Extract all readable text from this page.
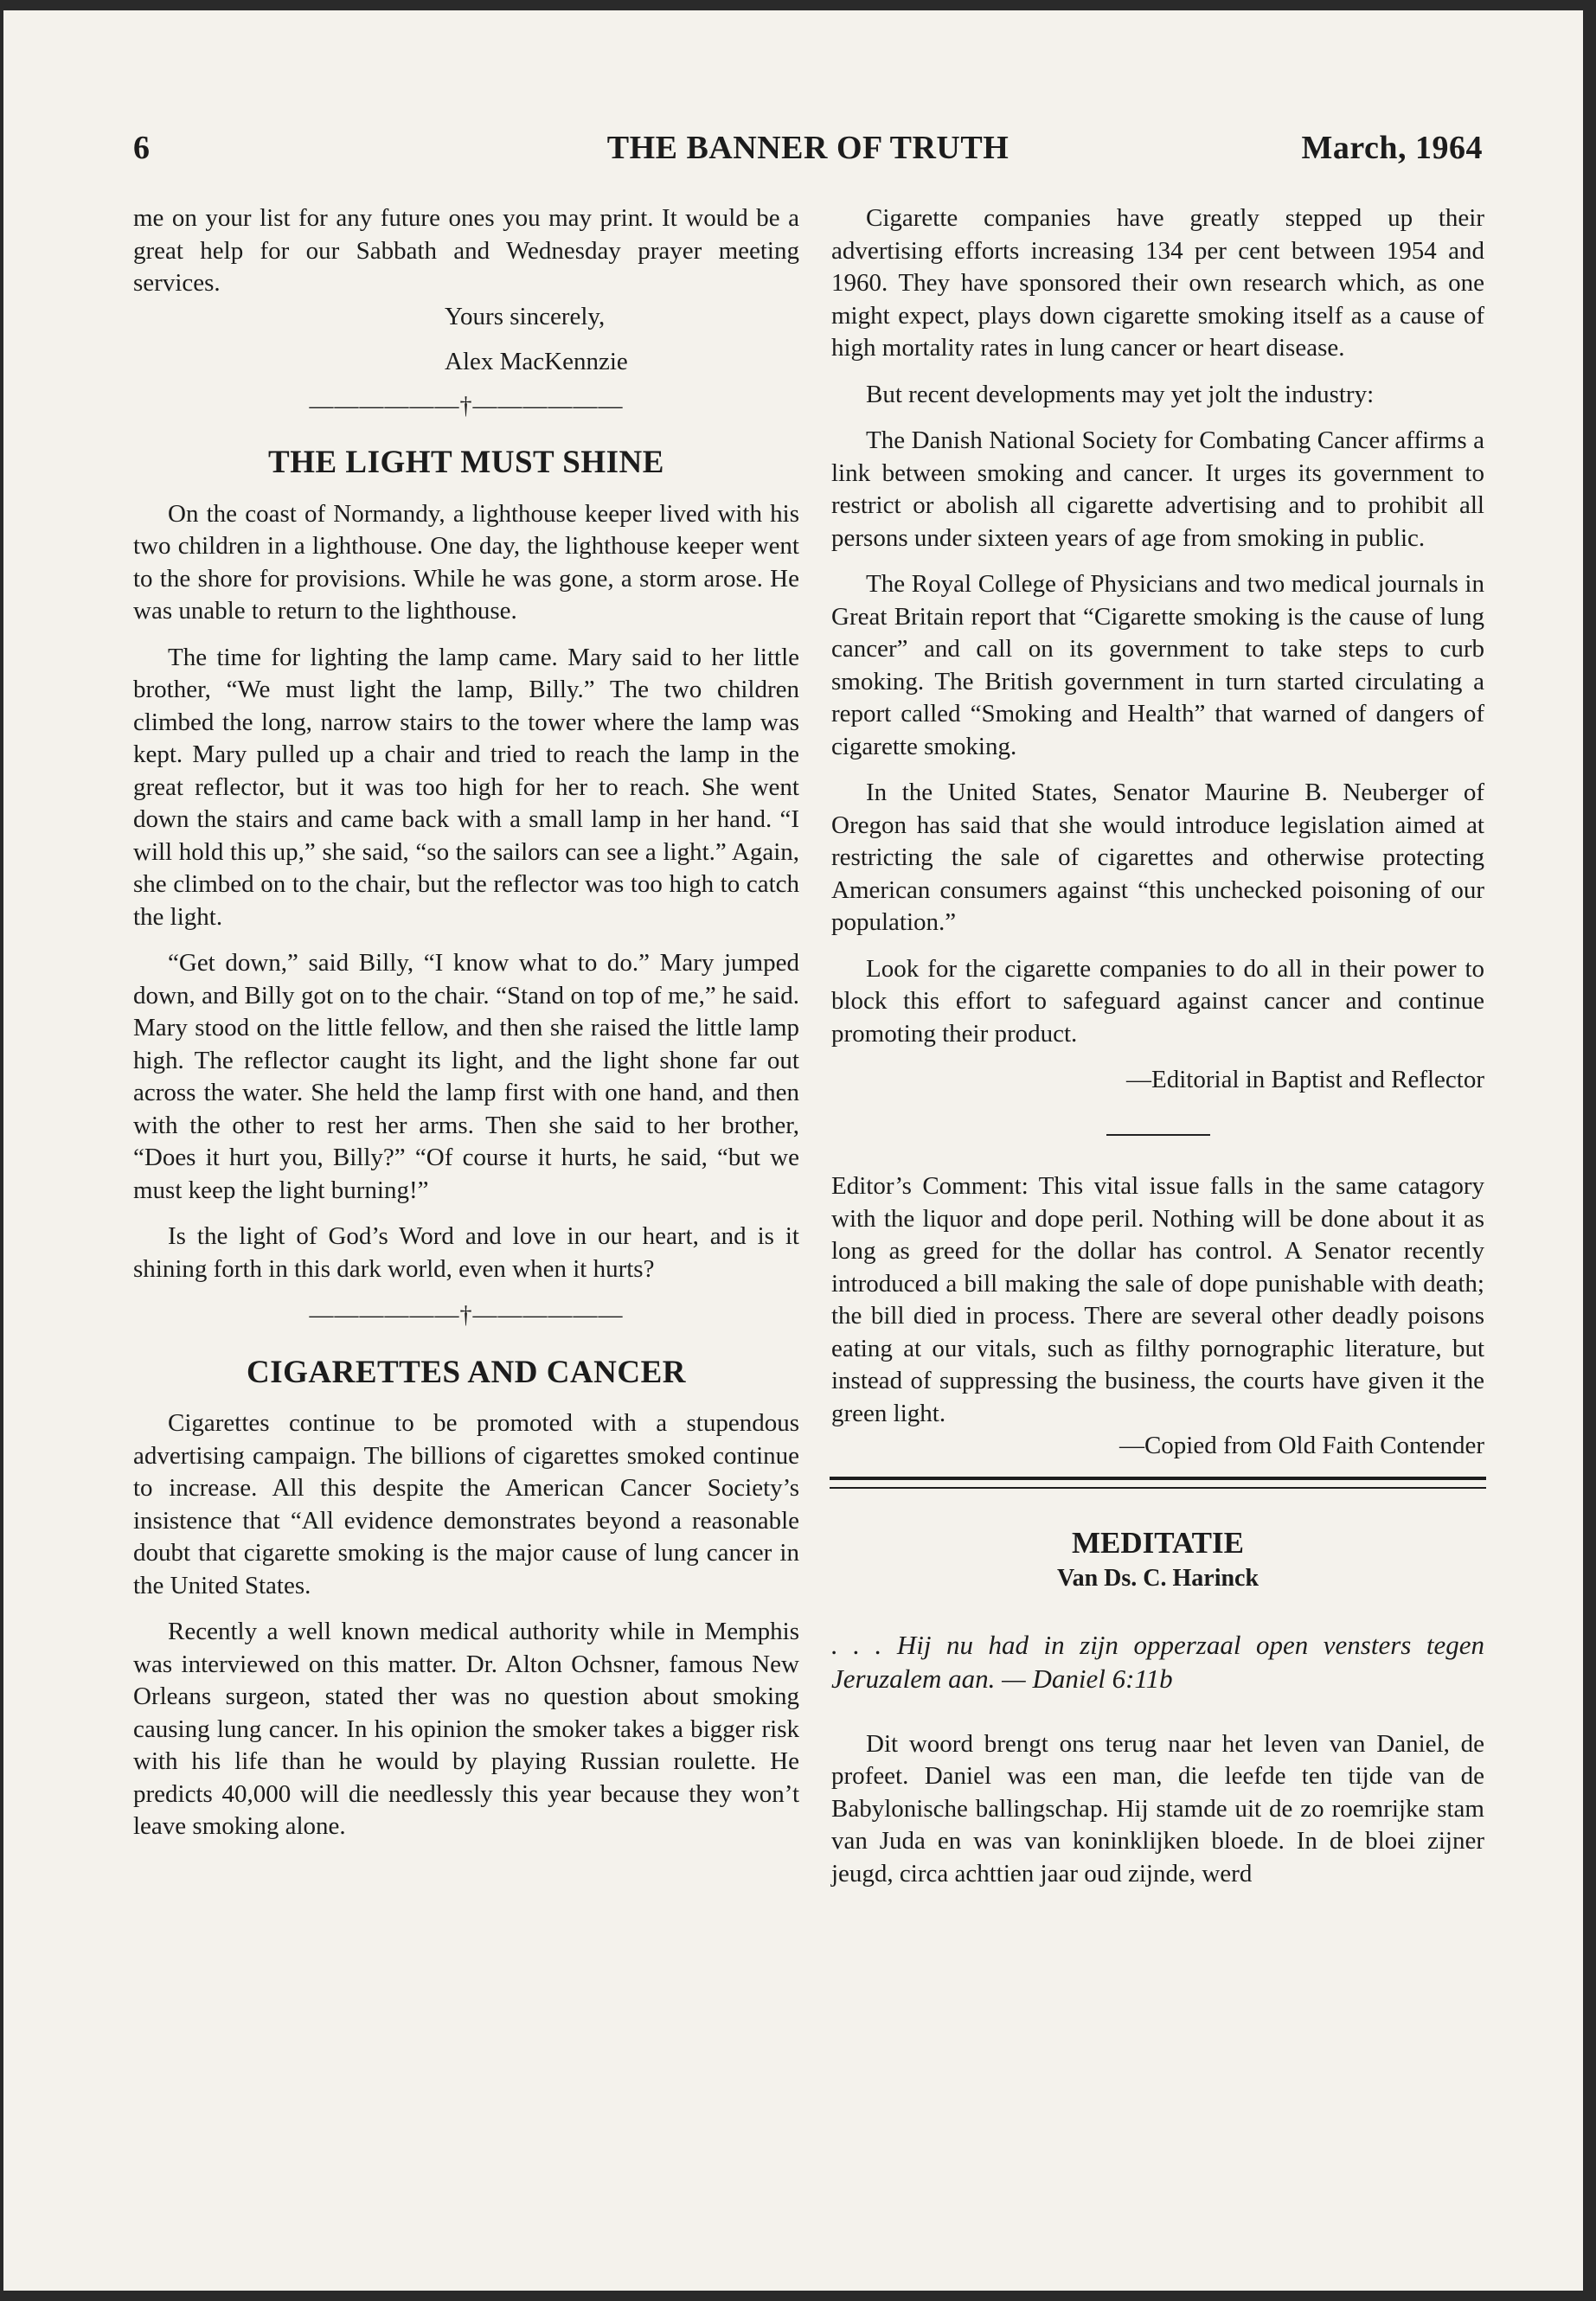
6	THE BANNER OF TRUTH	March, 1964

me on your list for any future ones you may print. It would be a great help for our Sabbath and Wednesday prayer meeting services.

Yours sincerely,
Alex MacKennzie
——————†——————
THE LIGHT MUST SHINE

On the coast of Normandy, a lighthouse keeper lived with his two children in a lighthouse. One day, the lighthouse keeper went to the shore for provisions. While he was gone, a storm arose. He was unable to return to the lighthouse.

The time for lighting the lamp came. Mary said to her little brother, “We must light the lamp, Billy.” The two children climbed the long, narrow stairs to the tower where the lamp was kept. Mary pulled up a chair and tried to reach the lamp in the great reflector, but it was too high for her to reach. She went down the stairs and came back with a small lamp in her hand. “I will hold this up,” she said, “so the sailors can see a light.” Again, she climbed on to the chair, but the reflector was too high to catch the light.

“Get down,” said Billy, “I know what to do.” Mary jumped down, and Billy got on to the chair. “Stand on top of me,” he said. Mary stood on the little fellow, and then she raised the little lamp high. The reflector caught its light, and the light shone far out across the water. She held the lamp first with one hand, and then with the other to rest her arms. Then she said to her brother, “Does it hurt you, Billy?” “Of course it hurts, he said, “but we must keep the light burning!”

Is the light of God’s Word and love in our heart, and is it shining forth in this dark world, even when it hurts?

——————†——————
CIGARETTES AND CANCER

Cigarettes continue to be promoted with a stupendous advertising campaign. The billions of cigarettes smoked continue to increase. All this despite the American Cancer Society’s insistence that “All evidence demonstrates beyond a reasonable doubt that cigarette smoking is the major cause of lung cancer in the United States.

Recently a well known medical authority while in Memphis was interviewed on this matter. Dr. Alton Ochsner, famous New Orleans surgeon, stated ther was no question about smoking causing lung cancer. In his opinion the smoker takes a bigger risk with his life than he would by playing Russian roulette. He predicts 40,000 will die needlessly this year because they won’t leave smoking alone.

Cigarette companies have greatly stepped up their advertising efforts increasing 134 per cent between 1954 and 1960. They have sponsored their own research which, as one might expect, plays down cigarette smoking itself as a cause of high mortality rates in lung cancer or heart disease.

But recent developments may yet jolt the industry:

The Danish National Society for Combating Cancer affirms a link between smoking and cancer. It urges its government to restrict or abolish all cigarette advertising and to prohibit all persons under sixteen years of age from smoking in public.

The Royal College of Physicians and two medical journals in Great Britain report that “Cigarette smoking is the cause of lung cancer” and call on its government to take steps to curb smoking. The British government in turn started circulating a report called “Smoking and Health” that warned of dangers of cigarette smoking.

In the United States, Senator Maurine B. Neuberger of Oregon has said that she would introduce legislation aimed at restricting the sale of cigarettes and otherwise protecting American consumers against “this unchecked poisoning of our population.”

Look for the cigarette companies to do all in their power to block this effort to safeguard against cancer and continue promoting their product.

—Editorial in Baptist and Reflector

Editor’s Comment: This vital issue falls in the same catagory with the liquor and dope peril. Nothing will be done about it as long as greed for the dollar has control. A Senator recently introduced a bill making the sale of dope punishable with death; the bill died in process. There are several other deadly poisons eating at our vitals, such as filthy pornographic literature, but instead of suppressing the business, the courts have given it the green light.

—Copied from Old Faith Contender
MEDITATIE
Van Ds. C. Harinck
. . . Hij nu had in zijn opperzaal open vensters tegen Jeruzalem aan. — Daniel 6:11b

Dit woord brengt ons terug naar het leven van Daniel, de profeet. Daniel was een man, die leefde ten tijde van de Babylonische ballingschap. Hij stamde uit de zo roemrijke stam van Juda en was van koninklijken bloede. In de bloei zijner jeugd, circa achttien jaar oud zijnde, werd
